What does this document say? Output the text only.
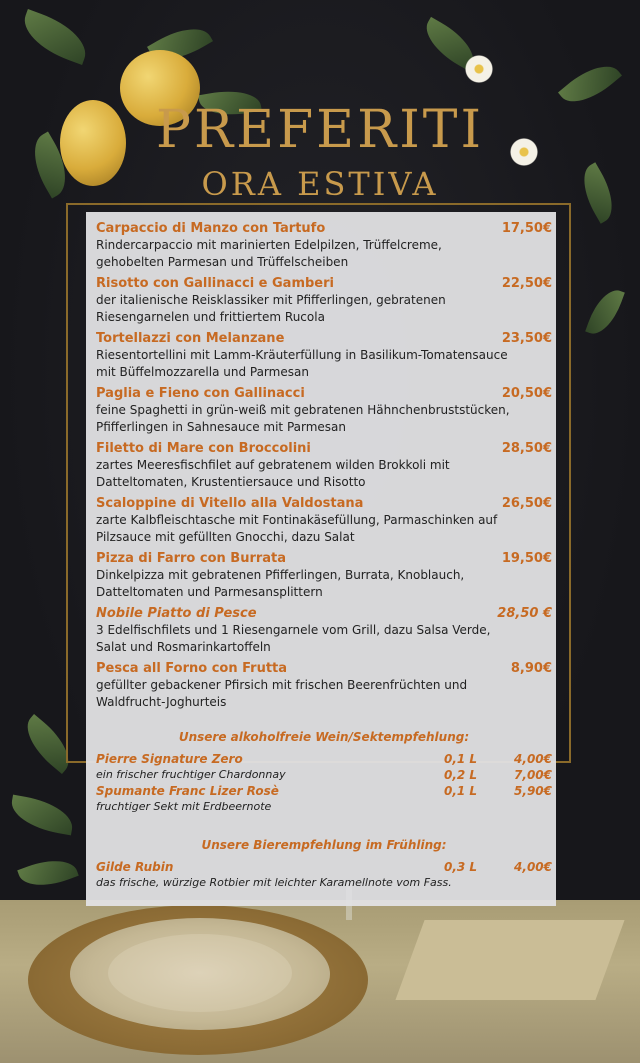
PREFERITI
ORA ESTIVA
Carpaccio di Manzo con Tartufo	17,50€
Rindercarpaccio mit marinierten Edelpilzen, Trüffelcreme,
gehobelten Parmesan und Trüffelscheiben
Risotto con Gallinacci e Gamberi	22,50€
der italienische Reisklassiker mit Pfifferlingen, gebratenen
Riesengarnelen und frittiertem Rucola
Tortellazzi con Melanzane	23,50€
Riesentortellini mit Lamm-Kräuterfüllung in Basilikum-Tomatensauce
mit Büffelmozzarella und Parmesan
Paglia e Fieno con Gallinacci	20,50€
feine Spaghetti in grün-weiß mit gebratenen Hähnchenbruststücken,
Pfifferlingen in Sahnesauce mit Parmesan
Filetto di Mare con Broccolini	28,50€
zartes Meeresfischfilet auf gebratenem wilden Brokkoli mit
Datteltomaten, Krustentiersauce und Risotto
Scaloppine di Vitello alla Valdostana	26,50€
zarte Kalbfleischtasche mit Fontinakäsefüllung, Parmaschinken auf
Pilzsauce mit gefüllten Gnocchi, dazu Salat
Pizza di Farro con Burrata	19,50€
Dinkelpizza mit gebratenen Pfifferlingen, Burrata, Knoblauch,
Datteltomaten und Parmesansplittern
Nobile Piatto di Pesce	28,50 €
3 Edelfischfilets und 1 Riesengarnele vom Grill, dazu Salsa Verde,
Salat und Rosmarinkartoffeln
Pesca all Forno con Frutta	8,90€
gefüllter gebackener Pfirsich mit frischen Beerenfrüchten und
Waldfrucht-Joghurteis
Unsere alkoholfreie Wein/Sektempfehlung:
Pierre Signature Zero	0,1 L	4,00€
ein frischer fruchtiger Chardonnay	0,2 L	7,00€
Spumante Franc Lizer Rosè	0,1 L	5,90€
fruchtiger Sekt mit Erdbeernote
Unsere Bierempfehlung im Frühling:
Gilde Rubin	0,3 L	4,00€
das frische, würzige Rotbier mit leichter Karamellnote vom Fass.
